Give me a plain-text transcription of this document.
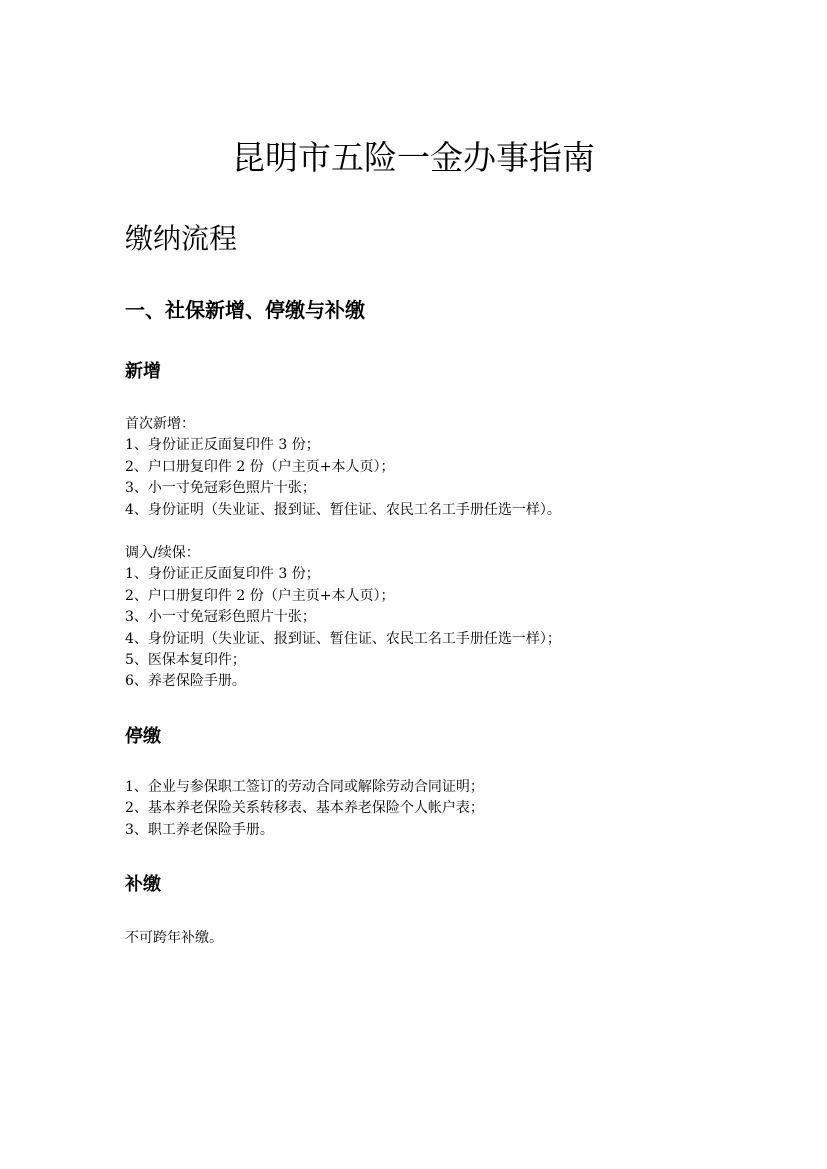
昆明市五险一金办事指南
缴纳流程
一、社保新增、停缴与补缴
新增
首次新增：
1、身份证正反面复印件 3 份；
2、户口册复印件 2 份（户主页+本人页）；
3、小一寸免冠彩色照片十张；
4、身份证明（失业证、报到证、暂住证、农民工名工手册任选一样）。
调入/续保：
1、身份证正反面复印件 3 份；
2、户口册复印件 2 份（户主页+本人页）；
3、小一寸免冠彩色照片十张；
4、身份证明（失业证、报到证、暂住证、农民工名工手册任选一样）；
5、医保本复印件；
6、养老保险手册。
停缴
1、企业与参保职工签订的劳动合同或解除劳动合同证明；
2、基本养老保险关系转移表、基本养老保险个人帐户表；
3、职工养老保险手册。
补缴
不可跨年补缴。
